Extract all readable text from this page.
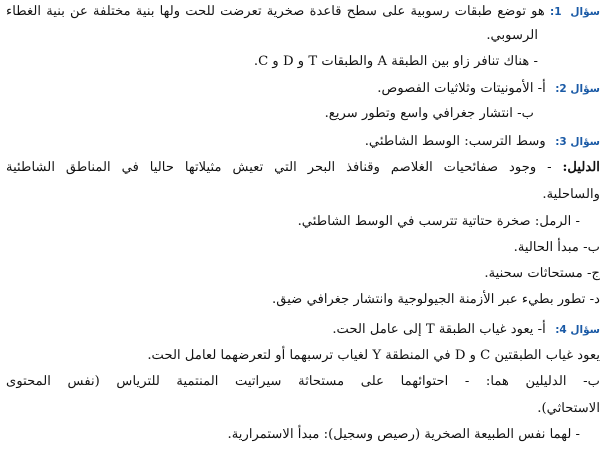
سؤال 1: هو توضع طبقات رسوبية على سطح قاعدة صخرية تعرضت للحت ولها بنية مختلفة عن بنية الغطاء
الرسوبي.
- هناك تنافر زاو بين الطبقة A والطبقات T و D و C.
سؤال 2: أ- الأمونيتات وثلاثيات الفصوص.
ب- انتشار جغرافي واسع وتطور سريع.
سؤال 3: وسط الترسب: الوسط الشاطئي.
الدليل: - وجود صفائحيات الغلاصم وقنافذ البحر التي تعيش مثيلاتها حاليا في المناطق الشاطئية
والساحلية.
- الرمل: صخرة حتاتية تترسب في الوسط الشاطئي.
ب- مبدأ الحالية.
ج- مستحاثات سحنية.
د- تطور بطيء عبر الأزمنة الجيولوجية وانتشار جغرافي ضيق.
سؤال 4: أ- يعود غياب الطبقة T إلى عامل الحت.
يعود غياب الطبقتين C و D في المنطقة Y لغياب ترسبهما أو لتعرضهما لعامل الحت.
ب- الدليلين هما: - احتوائهما على مستحاثة سيراتيت المنتمية للترياس (نفس المحتوى
الاستحاثي).
- لهما نفس الطبيعة الصخرية (رصيص وسجيل): مبدأ الاستمرارية.
